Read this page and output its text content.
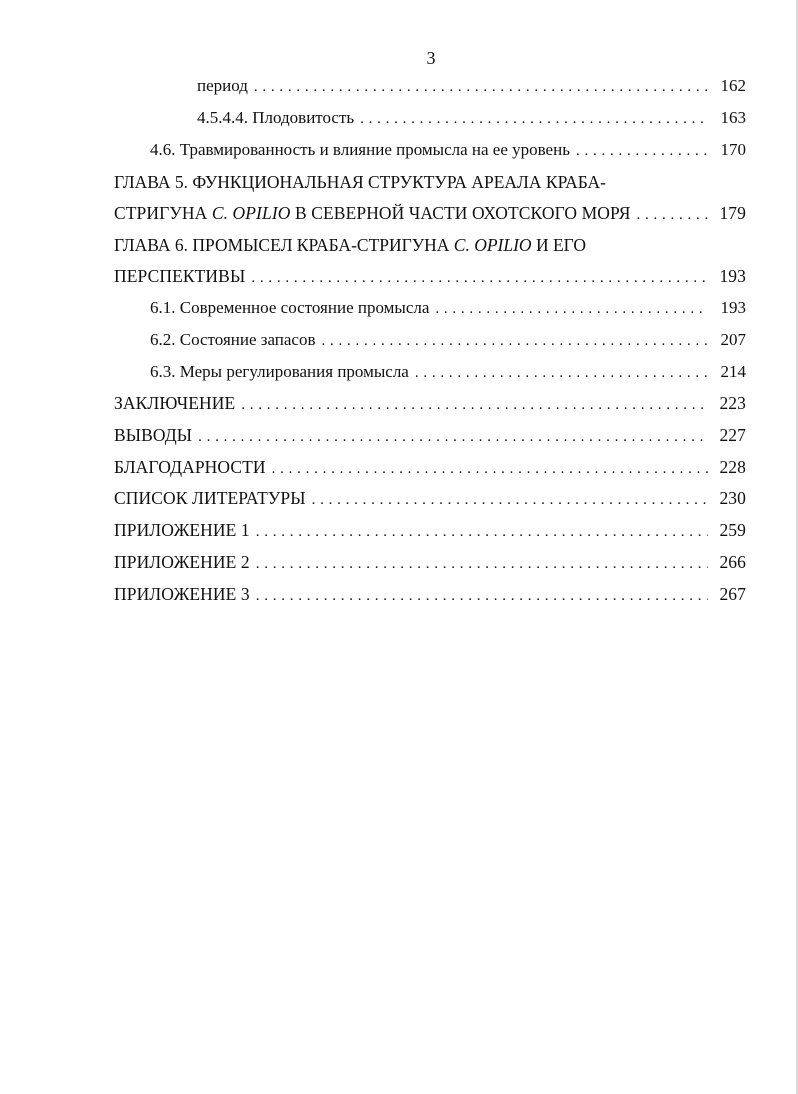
3
период . . .	162
4.5.4.4. Плодовитость . . .	163
4.6. Травмированность и влияние промысла на ее уровень . . .	170
ГЛАВА 5. ФУНКЦИОНАЛЬНАЯ СТРУКТУРА АРЕАЛА КРАБА-
СТРИГУНА C. OPILIO В СЕВЕРНОЙ ЧАСТИ ОХОТСКОГО МОРЯ . . .	179
ГЛАВА 6. ПРОМЫСЕЛ КРАБА-СТРИГУНА C. OPILIO И ЕГО
ПЕРСПЕКТИВЫ . . .	193
6.1. Современное состояние промысла . . .	193
6.2. Состояние запасов . . .	207
6.3. Меры регулирования промысла . . .	214
ЗАКЛЮЧЕНИЕ . . .	223
ВЫВОДЫ . . .	227
БЛАГОДАРНОСТИ . . .	228
СПИСОК ЛИТЕРАТУРЫ . . .	230
ПРИЛОЖЕНИЕ 1 . . .	259
ПРИЛОЖЕНИЕ 2 . . .	266
ПРИЛОЖЕНИЕ 3 . . .	267
